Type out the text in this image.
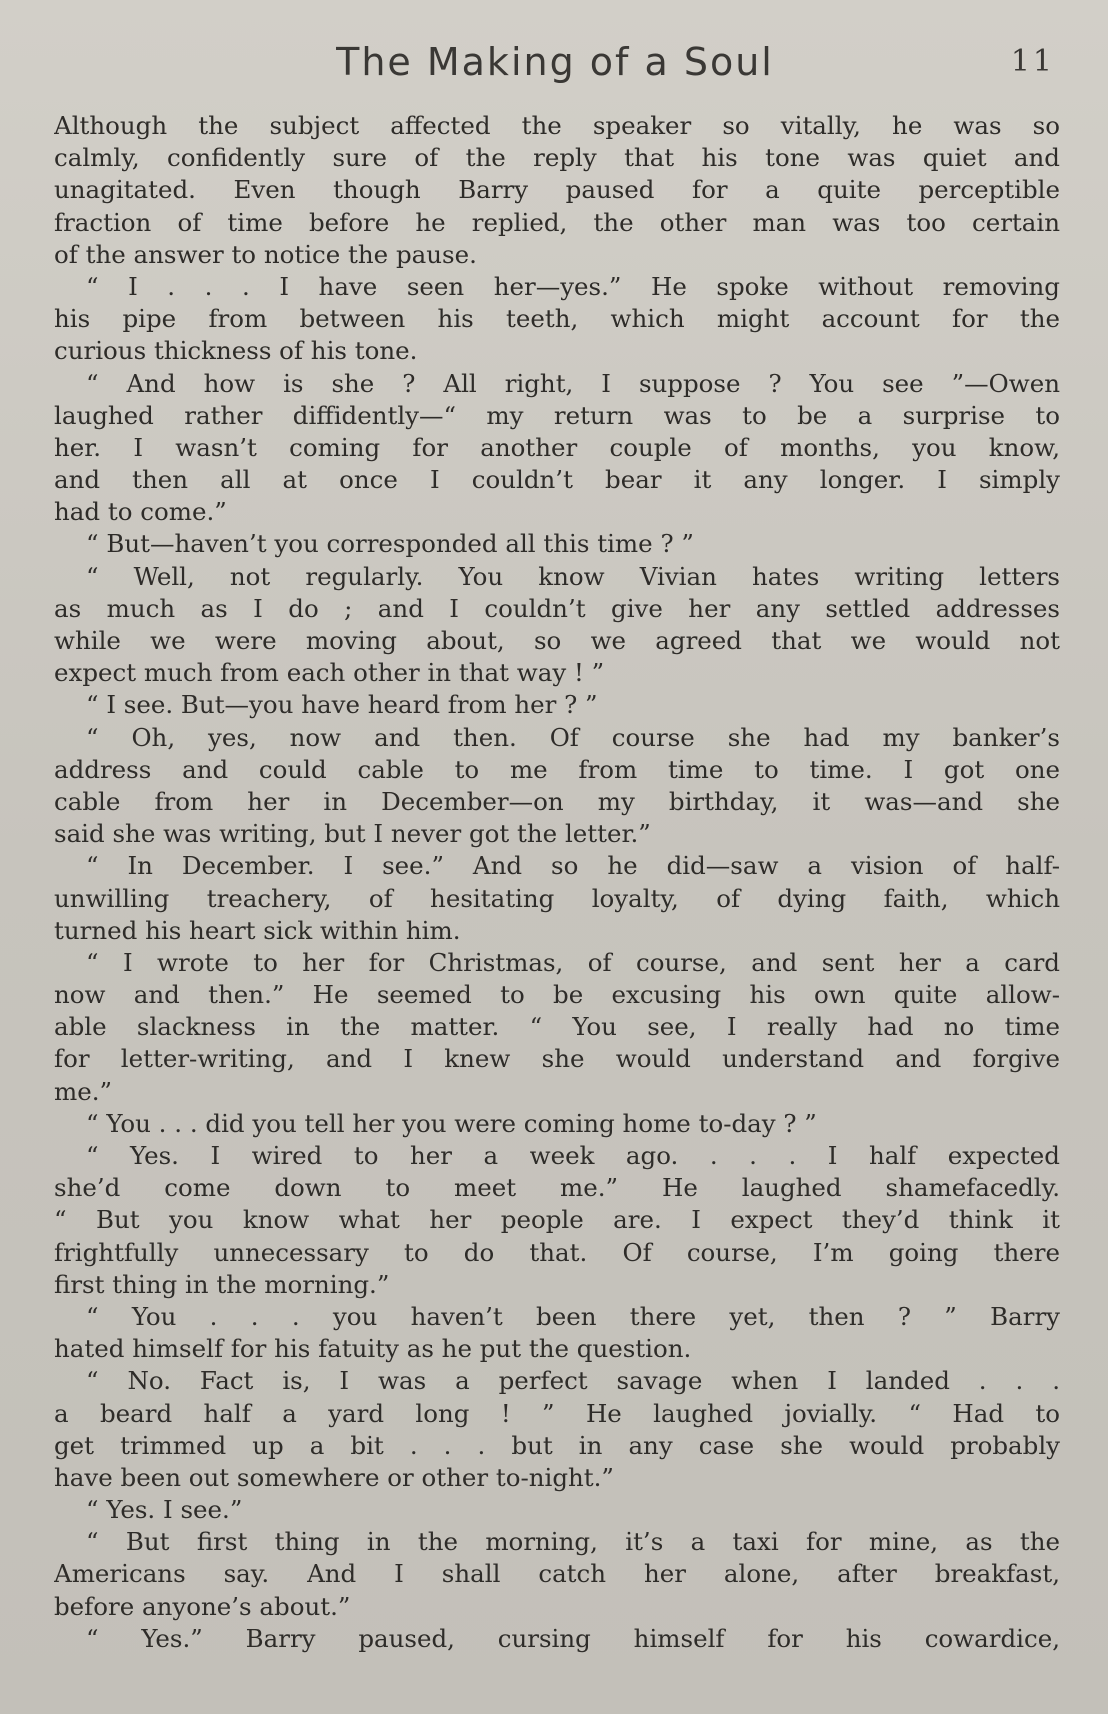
The Making of a Soul	11
Although the subject affected the speaker so vitally, he was so
calmly, confidently sure of the reply that his tone was quiet and
unagitated. Even though Barry paused for a quite perceptible
fraction of time before he replied, the other man was too certain
of the answer to notice the pause.
“ I . . . I have seen her—yes.” He spoke without removing
his pipe from between his teeth, which might account for the
curious thickness of his tone.
“ And how is she ? All right, I suppose ? You see ”—Owen
laughed rather diffidently—“ my return was to be a surprise to
her. I wasn’t coming for another couple of months, you know,
and then all at once I couldn’t bear it any longer. I simply
had to come.”
“ But—haven’t you corresponded all this time ? ”
“ Well, not regularly. You know Vivian hates writing letters
as much as I do ; and I couldn’t give her any settled addresses
while we were moving about, so we agreed that we would not
expect much from each other in that way ! ”
“ I see. But—you have heard from her ? ”
“ Oh, yes, now and then. Of course she had my banker’s
address and could cable to me from time to time. I got one
cable from her in December—on my birthday, it was—and she
said she was writing, but I never got the letter.”
“ In December. I see.” And so he did—saw a vision of half-
unwilling treachery, of hesitating loyalty, of dying faith, which
turned his heart sick within him.
“ I wrote to her for Christmas, of course, and sent her a card
now and then.” He seemed to be excusing his own quite allow-
able slackness in the matter. “ You see, I really had no time
for letter-writing, and I knew she would understand and forgive
me.”
“ You . . . did you tell her you were coming home to-day ? ”
“ Yes. I wired to her a week ago. . . . I half expected
she’d come down to meet me.” He laughed shamefacedly.
“ But you know what her people are. I expect they’d think it
frightfully unnecessary to do that. Of course, I’m going there
first thing in the morning.”
“ You . . . you haven’t been there yet, then ? ” Barry
hated himself for his fatuity as he put the question.
“ No. Fact is, I was a perfect savage when I landed . . .
a beard half a yard long ! ” He laughed jovially. “ Had to
get trimmed up a bit . . . but in any case she would probably
have been out somewhere or other to-night.”
“ Yes. I see.”
“ But first thing in the morning, it’s a taxi for mine, as the
Americans say. And I shall catch her alone, after breakfast,
before anyone’s about.”
“ Yes.” Barry paused, cursing himself for his cowardice,
